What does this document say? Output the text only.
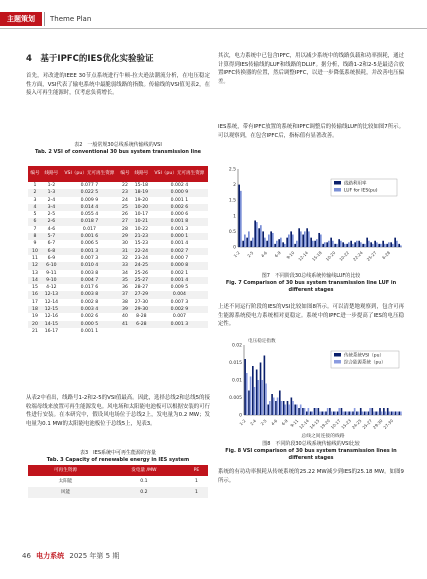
主题策划	Theme Plan
4　基于IPFC的IES优化实验验证
首先，对改进的IEEE 30节点系统进行牛顿-拉夫逊法潮流分析，在电压稳定性方面，VSI代表了输电系统中最脆弱线路的指数。传输线的VSI值见表2，在接入可再生能源时，仅考虑负荷增长。
表2　一般常规30总线系统传输线的VSI
Tab. 2 VSI of conventional 30 bus system transmission line
编号	线路号	VSI（pu）无可再生资源	编号	线路号	VSI（pu）无可再生资源
1	1-2	0.077 7	22	15-18	0.002 4
2	1-3	0.022 5	23	18-19	0.000 9
3	2-4	0.009 9	24	19-20	0.001 1
4	3-4	0.014 4	25	10-20	0.002 6
5	2-5	0.055 4	26	10-17	0.000 6
6	2-6	0.018 7	27	10-21	0.001 8
7	4-6	0.017	28	10-22	0.001 3
8	5-7	0.001 6	29	21-23	0.000 1
9	6-7	0.006 5	30	15-23	0.001 4
10	6-8	0.001 3	31	22-24	0.002 7
11	6-9	0.007 3	32	23-24	0.000 7
12	6-10	0.010 4	33	24-25	0.000 8
13	9-11	0.003 8	34	25-26	0.002 1
14	9-10	0.004 7	35	25-27	0.001 4
15	4-12	0.017 6	36	28-27	0.009 5
16	12-13	0.003 8	37	27-29	0.004
17	12-14	0.002 8	38	27-30	0.007 3
18	12-15	0.003 4	39	29-30	0.002 9
19	12-16	0.002 6	40	8-28	0.007
20	14-15	0.000 5	41	6-28	0.001 3
21	16-17	0.001 1			
从表2中看出，线路号1-2和2-5的VSI值最高。因此，选择总线2和总线5的接收端母线来放置可再生能源发电。风电场和太阳能电池板可以根据安装的可行性进行安装。在本研究中，假设风电场位于总线2上，发电量为0.2 MW；发电量为0.1 MW的太阳能电池板位于总线5上，见表3。
表3　IES系统中可再生能源的容量
Tab. 3 Capacity of renewable energy in IES system
可再生资源	发电量 /MW	PE
太阳能	0.1	1
风能	0.2	1
其次，电力系统中已包含IPFC，用以减少系统中的线路负载和功率损耗，通过计算得到IES传输线的LUF和线路的DLUF。据分析，线路1-2和2-5是最适合放置IPFC转换器的位置，然后调整IPFC，以进一步降低系统损耗，并改善电压偏差。
IES系统，带有IPFC放置的系统和IPFC调整后的传输线LUF的比较如图7所示。可以观察到，在包含IPFC后，指标值有显著改善。
0
0.5
1
1.5
2
2.5
1-2 2-5 4-6 6-9 9-10 12-14 15-18 10-20 10-22 22-24 25-27 6-28
线路利用率
LUF for IES(pu)
图7　不同阶段30总线系统传输线LUF的比较
Fig. 7 Comparison of 30 bus system transmission line LUF in
different stages
上述不同运行阶段的IES的VSI比较如图8所示。可以清楚地观察到，包含可再生能源系统使电力系统相对更稳定。系统中的IPFC进一步提高了IES的电压稳定性。
0
0.005
0.01
0.015
0.02
1-2 2-4 2-5 4-6 6-9 9-11
12-14
14-15
19-20
10-17
15-23
24-25
25-27
29-30
27-30
电压稳定指数
总线之间连接的线路
传统系统VSI（pu）
综合能源系统（pu）
图8　不同阶段30总线系统传输线的VSI比较
Fig. 8 VSI comparison of 30 bus system transmission lines in
different stages
系统的有功功率损耗从传统系统的25.22 MW减少到IES的25.18 MW。如图9所示。
46 电力系统 2025 年第 5 期
